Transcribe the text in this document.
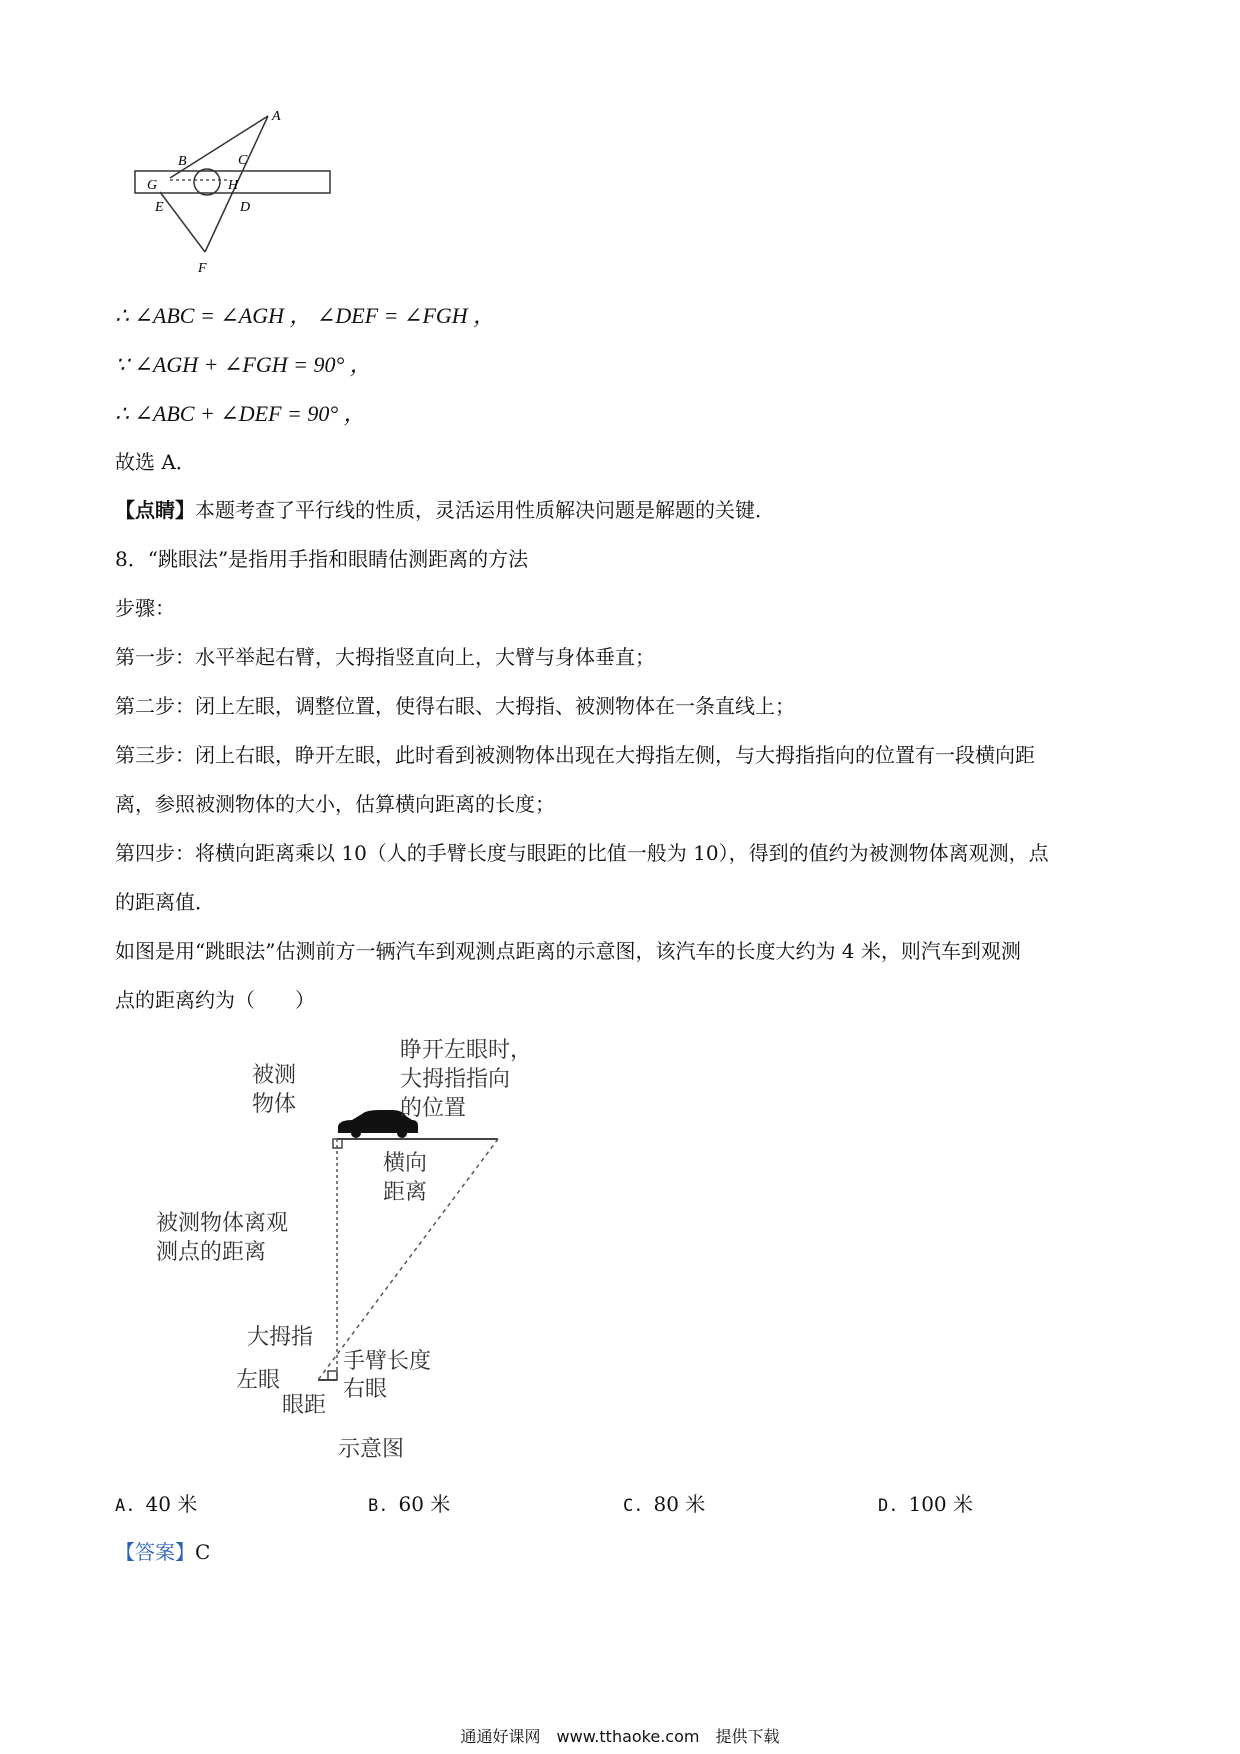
A
B	C
G	H
E	D
F
∴ ∠ABC = ∠AGH ， ∠DEF = ∠FGH ，
∵ ∠AGH + ∠FGH = 90° ，
∴ ∠ABC + ∠DEF = 90° ，
故选 A．
【点睛】本题考查了平行线的性质，灵活运用性质解决问题是解题的关键．
8．“跳眼法”是指用手指和眼睛估测距离的方法
步骤：
第一步：水平举起右臂，大拇指竖直向上，大臂与身体垂直；
第二步：闭上左眼，调整位置，使得右眼、大拇指、被测物体在一条直线上；
第三步：闭上右眼，睁开左眼，此时看到被测物体出现在大拇指左侧，与大拇指指向的位置有一段横向距
离，参照被测物体的大小，估算横向距离的长度；
第四步：将横向距离乘以 10（人的手臂长度与眼距的比值一般为 10），得到的值约为被测物体离观测，点
的距离值．
如图是用“跳眼法”估测前方一辆汽车到观测点距离的示意图，该汽车的长度大约为 4 米，则汽车到观测
点的距离约为（　　）
被测
物体
睁开左眼时，
大拇指指向
的位置
横向
距离
被测物体离观
测点的距离
大拇指
手臂长度
左眼	右眼
眼距
示意图
A. 40 米	B. 60 米	C. 80 米	D. 100 米
【答案】C
通通好课网　www.tthaoke.com　提供下载
